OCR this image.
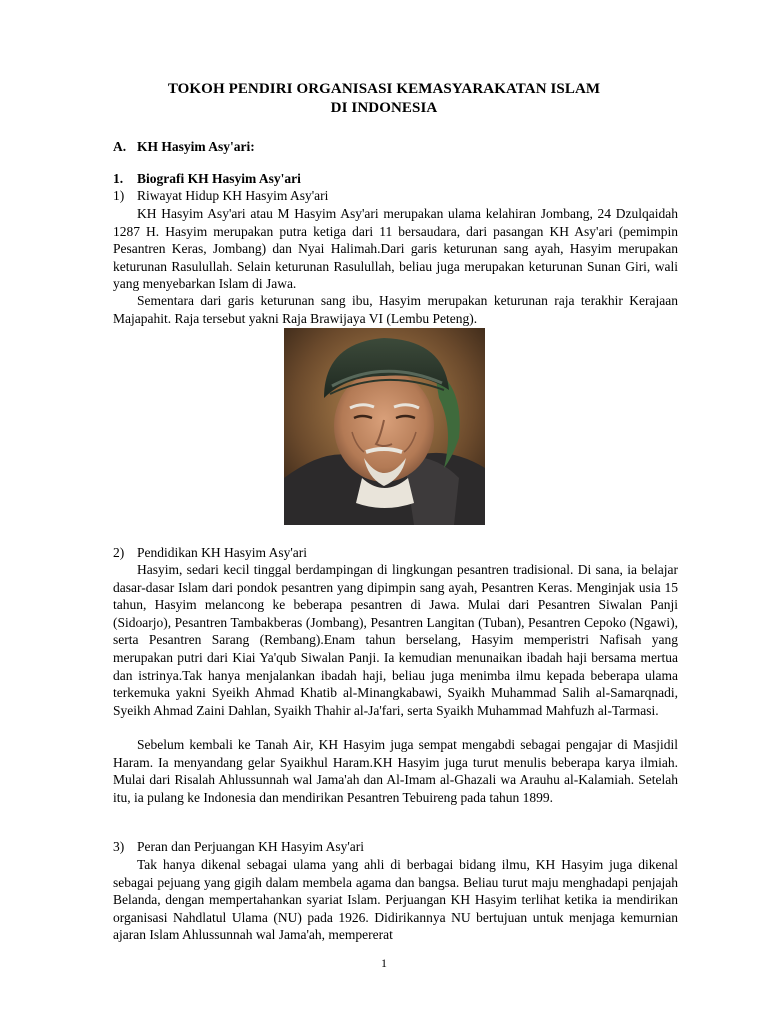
TOKOH PENDIRI ORGANISASI KEMASYARAKATAN ISLAM
DI INDONESIA
A. KH Hasyim Asy'ari:
1. Biografi KH Hasyim Asy'ari
1) Riwayat Hidup KH Hasyim Asy'ari

KH Hasyim Asy'ari atau M Hasyim Asy'ari merupakan ulama kelahiran Jombang, 24 Dzulqaidah 1287 H. Hasyim merupakan putra ketiga dari 11 bersaudara, dari pasangan KH Asy'ari (pemimpin Pesantren Keras, Jombang) dan Nyai Halimah.Dari garis keturunan sang ayah, Hasyim merupakan keturunan Rasulullah. Selain keturunan Rasulullah, beliau juga merupakan keturunan Sunan Giri, wali yang menyebarkan Islam di Jawa.

Sementara dari garis keturunan sang ibu, Hasyim merupakan keturunan raja terakhir Kerajaan Majapahit. Raja tersebut yakni Raja Brawijaya VI (Lembu Peteng).

2) Pendidikan KH Hasyim Asy'ari

Hasyim, sedari kecil tinggal berdampingan di lingkungan pesantren tradisional. Di sana, ia belajar dasar-dasar Islam dari pondok pesantren yang dipimpin sang ayah, Pesantren Keras. Menginjak usia 15 tahun, Hasyim melancong ke beberapa pesantren di Jawa. Mulai dari Pesantren Siwalan Panji (Sidoarjo), Pesantren Tambakberas (Jombang), Pesantren Langitan (Tuban), Pesantren Cepoko (Ngawi), serta Pesantren Sarang (Rembang).Enam tahun berselang, Hasyim memperistri Nafisah yang merupakan putri dari Kiai Ya'qub Siwalan Panji. Ia kemudian menunaikan ibadah haji bersama mertua dan istrinya.Tak hanya menjalankan ibadah haji, beliau juga menimba ilmu kepada beberapa ulama terkemuka yakni Syeikh Ahmad Khatib al-Minangkabawi, Syaikh Muhammad Salih al-Samarqnadi, Syeikh Ahmad Zaini Dahlan, Syaikh Thahir al-Ja'fari, serta Syaikh Muhammad Mahfuzh al-Tarmasi.

Sebelum kembali ke Tanah Air, KH Hasyim juga sempat mengabdi sebagai pengajar di Masjidil Haram. Ia menyandang gelar Syaikhul Haram.KH Hasyim juga turut menulis beberapa karya ilmiah. Mulai dari Risalah Ahlussunnah wal Jama'ah dan Al-Imam al-Ghazali wa Arauhu al-Kalamiah. Setelah itu, ia pulang ke Indonesia dan mendirikan Pesantren Tebuireng pada tahun 1899.

3) Peran dan Perjuangan KH Hasyim Asy'ari

Tak hanya dikenal sebagai ulama yang ahli di berbagai bidang ilmu, KH Hasyim juga dikenal sebagai pejuang yang gigih dalam membela agama dan bangsa. Beliau turut maju menghadapi penjajah Belanda, dengan mempertahankan syariat Islam. Perjuangan KH Hasyim terlihat ketika ia mendirikan organisasi Nahdlatul Ulama (NU) pada 1926. Didirikannya NU bertujuan untuk menjaga kemurnian ajaran Islam Ahlussunnah wal Jama'ah, mempererat

1
